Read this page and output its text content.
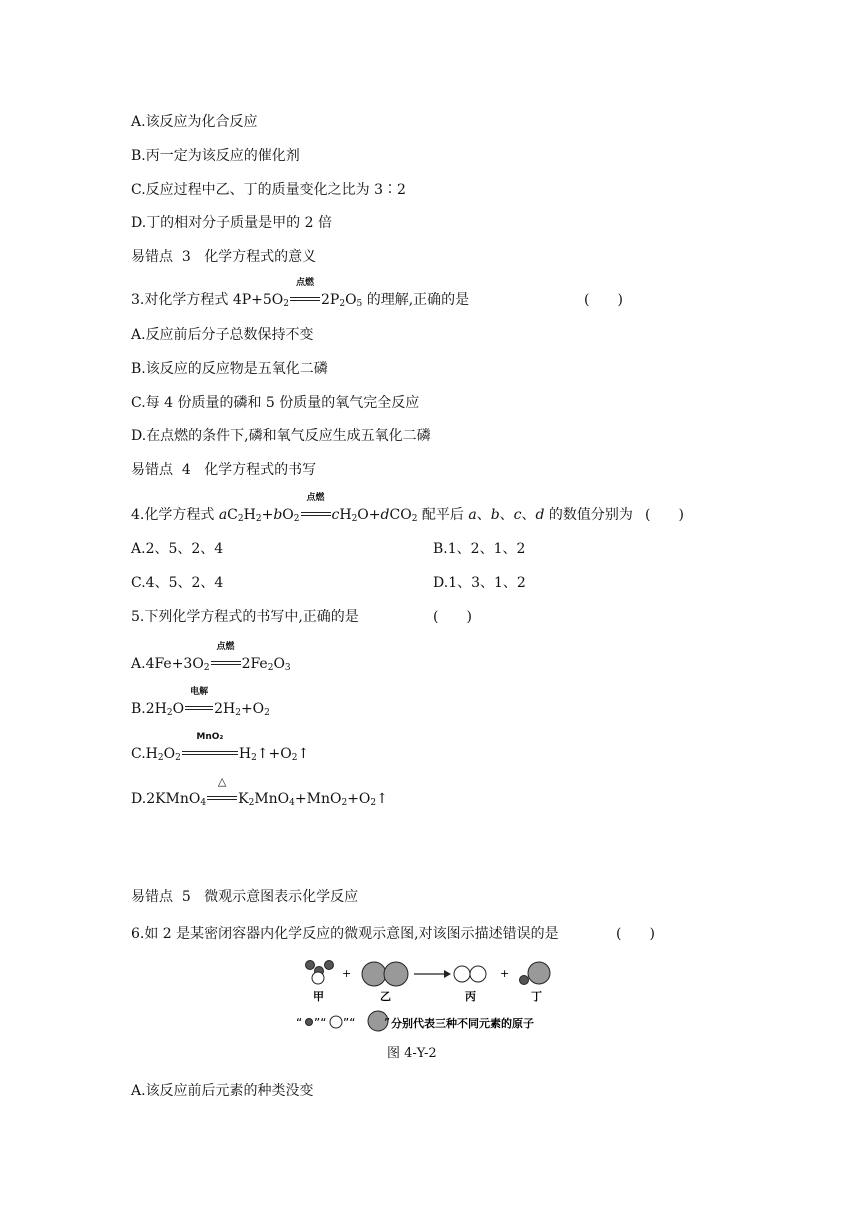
A.该反应为化合反应
B.丙一定为该反应的催化剂
C.反应过程中乙、丁的质量变化之比为 3∶2
D.丁的相对分子质量是甲的 2 倍
易错点 3 化学方程式的意义
3.对化学方程式 $4P+5O_2$
点燃
$2P_2O_5$ 的理解,正确的是	(　　)
A.反应前后分子总数保持不变
B.该反应的反应物是五氧化二磷
C.每 4 份质量的磷和 5 份质量的氧气完全反应
D.在点燃的条件下,磷和氧气反应生成五氧化二磷
易错点 4 化学方程式的书写
4.化学方程式 $aC_2H_2+bO_2$
点燃
$cH_2O+dCO_2$ 配平后 a、b、c、d 的数值分别为 (　　)
A.2、5、2、4	B.1、2、1、2
C.4、5、2、4	D.1、3、1、2
5.下列化学方程式的书写中,正确的是	(　　)
$A.4Fe+3O_2$
点燃
$2Fe_2O_3$
$B.2H_2O$
电解
$2H_2+O_2$
$C.H_2O_2$
MnO₂
$H_2↑+O_2↑$
D.2KMnO$_4$
△
$K_2MnO_4+MnO_2+O_2↑$
易错点 5 微观示意图表示化学反应
6.如 2 是某密闭容器内化学反应的微观示意图,对该图示描述错误的是	(　　)
+	+
甲	乙	丙	丁
“ ”“ ”“ ” 分别代表三种不同元素的原子
图 4-Y-2
A.该反应前后元素的种类没变
